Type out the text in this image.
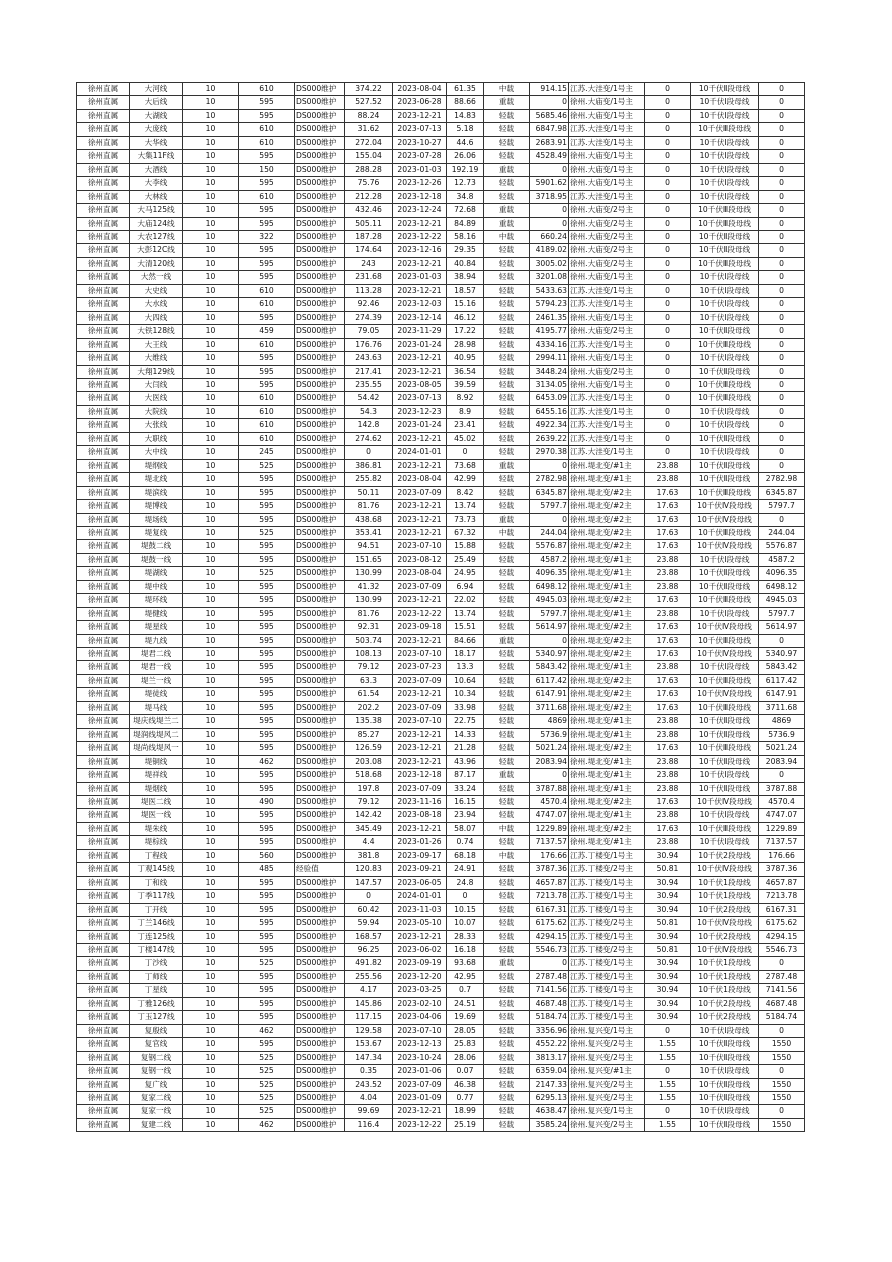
徐州直属	大河线	10	610	DS000维护	374.22	2023-08-04	61.35	中载	914.15	江苏.大洼变/1号主	0	10千伏Ⅱ段母线	0
徐州直属	大后线	10	595	DS000维护	527.52	2023-06-28	88.66	重载	0	徐州.大庙变/1号主	0	10千伏Ⅰ段母线	0
徐州直属	大湖线	10	595	DS000维护	88.24	2023-12-21	14.83	轻载	5685.46	徐州.大庙变/1号主	0	10千伏Ⅰ段母线	0
徐州直属	大庞线	10	610	DS000维护	31.62	2023-07-13	5.18	轻载	6847.98	江苏.大洼变/1号主	0	10千伏Ⅲ段母线	0
徐州直属	大华线	10	610	DS000维护	272.04	2023-10-27	44.6	轻载	2683.91	江苏.大洼变/1号主	0	10千伏Ⅰ段母线	0
徐州直属	大集11F线	10	595	DS000维护	155.04	2023-07-28	26.06	轻载	4528.49	徐州.大庙变/1号主	0	10千伏Ⅰ段母线	0
徐州直属	大酒线	10	150	DS000维护	288.28	2023-01-03	192.19	重载	0	徐州.大庙变/1号主	0	10千伏Ⅰ段母线	0
徐州直属	大李线	10	595	DS000维护	75.76	2023-12-26	12.73	轻载	5901.62	徐州.大庙变/1号主	0	10千伏Ⅰ段母线	0
徐州直属	大林线	10	610	DS000维护	212.28	2023-12-18	34.8	轻载	3718.95	江苏.大洼变/1号主	0	10千伏Ⅰ段母线	0
徐州直属	大马125线	10	595	DS000维护	432.46	2023-12-24	72.68	重载	0	徐州.大庙变/2号主	0	10千伏Ⅲ段母线	0
徐州直属	大庙124线	10	595	DS000维护	505.11	2023-12-21	84.89	重载	0	徐州.大庙变/2号主	0	10千伏Ⅲ段母线	0
徐州直属	大农127线	10	322	DS000维护	187.28	2023-12-22	58.16	中载	660.24	徐州.大庙变/2号主	0	10千伏Ⅱ段母线	0
徐州直属	大彭12C线	10	595	DS000维护	174.64	2023-12-16	29.35	轻载	4189.02	徐州.大庙变/2号主	0	10千伏Ⅱ段母线	0
徐州直属	大清120线	10	595	DS000维护	243	2023-12-21	40.84	轻载	3005.02	徐州.大庙变/2号主	0	10千伏Ⅲ段母线	0
徐州直属	大然一线	10	595	DS000维护	231.68	2023-01-03	38.94	轻载	3201.08	徐州.大庙变/1号主	0	10千伏Ⅰ段母线	0
徐州直属	大史线	10	610	DS000维护	113.28	2023-12-21	18.57	轻载	5433.63	江苏.大洼变/1号主	0	10千伏Ⅰ段母线	0
徐州直属	大水线	10	610	DS000维护	92.46	2023-12-03	15.16	轻载	5794.23	江苏.大洼变/1号主	0	10千伏Ⅰ段母线	0
徐州直属	大四线	10	595	DS000维护	274.39	2023-12-14	46.12	轻载	2461.35	徐州.大庙变/1号主	0	10千伏Ⅰ段母线	0
徐州直属	大铁128线	10	459	DS000维护	79.05	2023-11-29	17.22	轻载	4195.77	徐州.大庙变/2号主	0	10千伏Ⅱ段母线	0
徐州直属	大王线	10	610	DS000维护	176.76	2023-01-24	28.98	轻载	4334.16	江苏.大洼变/1号主	0	10千伏Ⅲ段母线	0
徐州直属	大维线	10	595	DS000维护	243.63	2023-12-21	40.95	轻载	2994.11	徐州.大庙变/1号主	0	10千伏Ⅰ段母线	0
徐州直属	大翔129线	10	595	DS000维护	217.41	2023-12-21	36.54	轻载	3448.24	徐州.大庙变/2号主	0	10千伏Ⅱ段母线	0
徐州直属	大闫线	10	595	DS000维护	235.55	2023-08-05	39.59	轻载	3134.05	徐州.大庙变/1号主	0	10千伏Ⅲ段母线	0
徐州直属	大医线	10	610	DS000维护	54.42	2023-07-13	8.92	轻载	6453.09	江苏.大洼变/1号主	0	10千伏Ⅲ段母线	0
徐州直属	大院线	10	610	DS000维护	54.3	2023-12-23	8.9	轻载	6455.16	江苏.大洼变/1号主	0	10千伏Ⅰ段母线	0
徐州直属	大张线	10	610	DS000维护	142.8	2023-01-24	23.41	轻载	4922.34	江苏.大洼变/1号主	0	10千伏Ⅰ段母线	0
徐州直属	大职线	10	610	DS000维护	274.62	2023-12-21	45.02	轻载	2639.22	江苏.大洼变/1号主	0	10千伏Ⅱ段母线	0
徐州直属	大中线	10	245	DS000维护	0	2024-01-01	0	轻载	2970.38	江苏.大洼变/1号主	0	10千伏Ⅰ段母线	0
徐州直属	堤纲线	10	525	DS000维护	386.81	2023-12-21	73.68	重载	0	徐州.堤北变/#1主	23.88	10千伏Ⅱ段母线	0
徐州直属	堤北线	10	595	DS000维护	255.82	2023-08-04	42.99	轻载	2782.98	徐州.堤北变/#1主	23.88	10千伏Ⅱ段母线	2782.98
徐州直属	堤滨线	10	595	DS000维护	50.11	2023-07-09	8.42	轻载	6345.87	徐州.堤北变/#2主	17.63	10千伏Ⅲ段母线	6345.87
徐州直属	堤博线	10	595	DS000维护	81.76	2023-12-21	13.74	轻载	5797.7	徐州.堤北变/#2主	17.63	10千伏Ⅳ段母线	5797.7
徐州直属	堤场线	10	595	DS000维护	438.68	2023-12-21	73.73	重载	0	徐州.堤北变/#2主	17.63	10千伏Ⅳ段母线	0
徐州直属	堤复线	10	525	DS000维护	353.41	2023-12-21	67.32	中载	244.04	徐州.堤北变/#2主	17.63	10千伏Ⅲ段母线	244.04
徐州直属	堤鼓二线	10	595	DS000维护	94.51	2023-07-10	15.88	轻载	5576.87	徐州.堤北变/#2主	17.63	10千伏Ⅳ段母线	5576.87
徐州直属	堤鼓一线	10	595	DS000维护	151.65	2023-08-12	25.49	轻载	4587.2	徐州.堤北变/#1主	23.88	10千伏Ⅰ段母线	4587.2
徐州直属	堤湖线	10	525	DS000维护	130.99	2023-08-04	24.95	轻载	4096.35	徐州.堤北变/#1主	23.88	10千伏Ⅱ段母线	4096.35
徐州直属	堤中线	10	595	DS000维护	41.32	2023-07-09	6.94	轻载	6498.12	徐州.堤北变/#1主	23.88	10千伏Ⅱ段母线	6498.12
徐州直属	堤环线	10	595	DS000维护	130.99	2023-12-21	22.02	轻载	4945.03	徐州.堤北变/#2主	17.63	10千伏Ⅲ段母线	4945.03
徐州直属	堤健线	10	595	DS000维护	81.76	2023-12-22	13.74	轻载	5797.7	徐州.堤北变/#1主	23.88	10千伏Ⅰ段母线	5797.7
徐州直属	堤星线	10	595	DS000维护	92.31	2023-09-18	15.51	轻载	5614.97	徐州.堤北变/#2主	17.63	10千伏Ⅳ段母线	5614.97
徐州直属	堤九线	10	595	DS000维护	503.74	2023-12-21	84.66	重载	0	徐州.堤北变/#2主	17.63	10千伏Ⅲ段母线	0
徐州直属	堤君二线	10	595	DS000维护	108.13	2023-07-10	18.17	轻载	5340.97	徐州.堤北变/#2主	17.63	10千伏Ⅳ段母线	5340.97
徐州直属	堤君一线	10	595	DS000维护	79.12	2023-07-23	13.3	轻载	5843.42	徐州.堤北变/#1主	23.88	10千伏Ⅰ段母线	5843.42
徐州直属	堤兰一线	10	595	DS000维护	63.3	2023-07-09	10.64	轻载	6117.42	徐州.堤北变/#2主	17.63	10千伏Ⅲ段母线	6117.42
徐州直属	堤徒线	10	595	DS000维护	61.54	2023-12-21	10.34	轻载	6147.91	徐州.堤北变/#2主	17.63	10千伏Ⅳ段母线	6147.91
徐州直属	堤马线	10	595	DS000维护	202.2	2023-07-09	33.98	轻载	3711.68	徐州.堤北变/#2主	17.63	10千伏Ⅲ段母线	3711.68
徐州直属	堤庆线堤兰二	10	595	DS000维护	135.38	2023-07-10	22.75	轻载	4869	徐州.堤北变/#1主	23.88	10千伏Ⅱ段母线	4869
徐州直属	堤润线堤风二	10	595	DS000维护	85.27	2023-12-21	14.33	轻载	5736.9	徐州.堤北变/#1主	23.88	10千伏Ⅱ段母线	5736.9
徐州直属	堤尚线堤风一	10	595	DS000维护	126.59	2023-12-21	21.28	轻载	5021.24	徐州.堤北变/#2主	17.63	10千伏Ⅲ段母线	5021.24
徐州直属	堤铜线	10	462	DS000维护	203.08	2023-12-21	43.96	轻载	2083.94	徐州.堤北变/#1主	23.88	10千伏Ⅱ段母线	2083.94
徐州直属	堤祥线	10	595	DS000维护	518.68	2023-12-18	87.17	重载	0	徐州.堤北变/#1主	23.88	10千伏Ⅰ段母线	0
徐州直属	堤烟线	10	595	DS000维护	197.8	2023-07-09	33.24	轻载	3787.88	徐州.堤北变/#1主	23.88	10千伏Ⅱ段母线	3787.88
徐州直属	堤医二线	10	490	DS000维护	79.12	2023-11-16	16.15	轻载	4570.4	徐州.堤北变/#2主	17.63	10千伏Ⅳ段母线	4570.4
徐州直属	堤医一线	10	595	DS000维护	142.42	2023-08-18	23.94	轻载	4747.07	徐州.堤北变/#1主	23.88	10千伏Ⅰ段母线	4747.07
徐州直属	堤朱线	10	595	DS000维护	345.49	2023-12-21	58.07	中载	1229.89	徐州.堤北变/#2主	17.63	10千伏Ⅲ段母线	1229.89
徐州直属	堤棕线	10	595	DS000维护	4.4	2023-01-26	0.74	轻载	7137.57	徐州.堤北变/#1主	23.88	10千伏Ⅰ段母线	7137.57
徐州直属	丁程线	10	560	DS000维护	381.8	2023-09-17	68.18	中载	176.66	江苏.丁楼变/1号主	30.94	10千伏2段母线	176.66
徐州直属	丁观145线	10	485	经验值	120.83	2023-09-21	24.91	轻载	3787.36	江苏.丁楼变/2号主	50.81	10千伏Ⅳ段母线	3787.36
徐州直属	丁和线	10	595	DS000维护	147.57	2023-06-05	24.8	轻载	4657.87	江苏.丁楼变/1号主	30.94	10千伏1段母线	4657.87
徐州直属	丁季117线	10	595	DS000维护	0	2024-01-01	0	轻载	7213.78	江苏.丁楼变/1号主	30.94	10千伏1段母线	7213.78
徐州直属	丁开线	10	595	DS000维护	60.42	2023-11-03	10.15	轻载	6167.31	江苏.丁楼变/1号主	30.94	10千伏2段母线	6167.31
徐州直属	丁兰146线	10	595	DS000维护	59.94	2023-05-10	10.07	轻载	6175.62	江苏.丁楼变/2号主	50.81	10千伏Ⅳ段母线	6175.62
徐州直属	丁连125线	10	595	DS000维护	168.57	2023-12-21	28.33	轻载	4294.15	江苏.丁楼变/1号主	30.94	10千伏2段母线	4294.15
徐州直属	丁楼147线	10	595	DS000维护	96.25	2023-06-02	16.18	轻载	5546.73	江苏.丁楼变/2号主	50.81	10千伏Ⅳ段母线	5546.73
徐州直属	丁沙线	10	525	DS000维护	491.82	2023-09-19	93.68	重载	0	江苏.丁楼变/1号主	30.94	10千伏1段母线	0
徐州直属	丁师线	10	595	DS000维护	255.56	2023-12-20	42.95	轻载	2787.48	江苏.丁楼变/1号主	30.94	10千伏1段母线	2787.48
徐州直属	丁星线	10	595	DS000维护	4.17	2023-03-25	0.7	轻载	7141.56	江苏.丁楼变/1号主	30.94	10千伏1段母线	7141.56
徐州直属	丁雅126线	10	595	DS000维护	145.86	2023-02-10	24.51	轻载	4687.48	江苏.丁楼变/1号主	30.94	10千伏2段母线	4687.48
徐州直属	丁玉127线	10	595	DS000维护	117.15	2023-04-06	19.69	轻载	5184.74	江苏.丁楼变/1号主	30.94	10千伏2段母线	5184.74
徐州直属	复殷线	10	462	DS000维护	129.58	2023-07-10	28.05	轻载	3356.96	徐州.复兴变/1号主	0	10千伏Ⅰ段母线	0
徐州直属	复官线	10	595	DS000维护	153.67	2023-12-13	25.83	轻载	4552.22	徐州.复兴变/2号主	1.55	10千伏Ⅱ段母线	1550
徐州直属	复钢二线	10	525	DS000维护	147.34	2023-10-24	28.06	轻载	3813.17	徐州.复兴变/2号主	1.55	10千伏Ⅱ段母线	1550
徐州直属	复钢一线	10	525	DS000维护	0.35	2023-01-06	0.07	轻载	6359.04	徐州.复兴变/#1主	0	10千伏Ⅰ段母线	0
徐州直属	复广线	10	525	DS000维护	243.52	2023-07-09	46.38	轻载	2147.33	徐州.复兴变/2号主	1.55	10千伏Ⅱ段母线	1550
徐州直属	复家二线	10	525	DS000维护	4.04	2023-01-09	0.77	轻载	6295.13	徐州.复兴变/2号主	1.55	10千伏Ⅱ段母线	1550
徐州直属	复家一线	10	525	DS000维护	99.69	2023-12-21	18.99	轻载	4638.47	徐州.复兴变/1号主	0	10千伏Ⅰ段母线	0
徐州直属	复建二线	10	462	DS000维护	116.4	2023-12-22	25.19	轻载	3585.24	徐州.复兴变/2号主	1.55	10千伏Ⅱ段母线	1550
